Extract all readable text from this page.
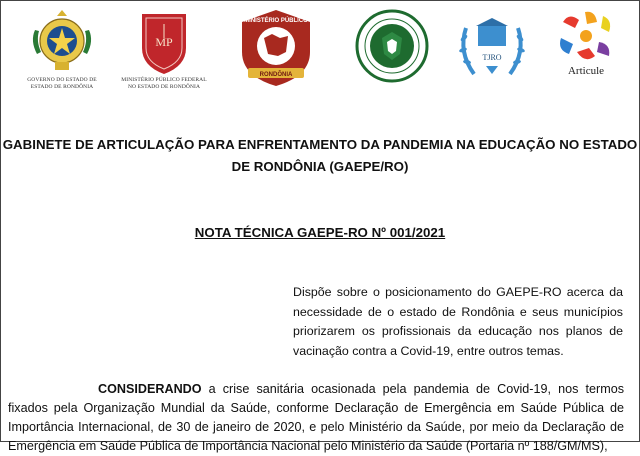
GOVERNO DO ESTADO DE
ESTADO DE RONDÔNIA
MP
MINISTÉRIO PÚBLICO FEDERAL
NO ESTADO DE RONDÔNIA
RONDÔNIA
MINISTÉRIO PÚBLICO
TJRO
Articule
GABINETE DE ARTICULAÇÃO PARA ENFRENTAMENTO DA PANDEMIA NA EDUCAÇÃO NO ESTADO DE RONDÔNIA (GAEPE/RO)
NOTA TÉCNICA GAEPE-RO Nº 001/2021
Dispõe sobre o posicionamento do GAEPE-RO acerca da necessidade de o estado de Rondônia e seus municípios priorizarem os profissionais da educação nos planos de vacinação contra a Covid-19, entre outros temas.
CONSIDERANDO a crise sanitária ocasionada pela pandemia de Covid-19, nos termos fixados pela Organização Mundial da Saúde, conforme Declaração de Emergência em Saúde Pública de Importância Internacional, de 30 de janeiro de 2020, e pelo Ministério da Saúde, por meio da Declaração de Emergência em Saúde Pública de Importância Nacional pelo Ministério da Saúde (Portaria nº 188/GM/MS),
